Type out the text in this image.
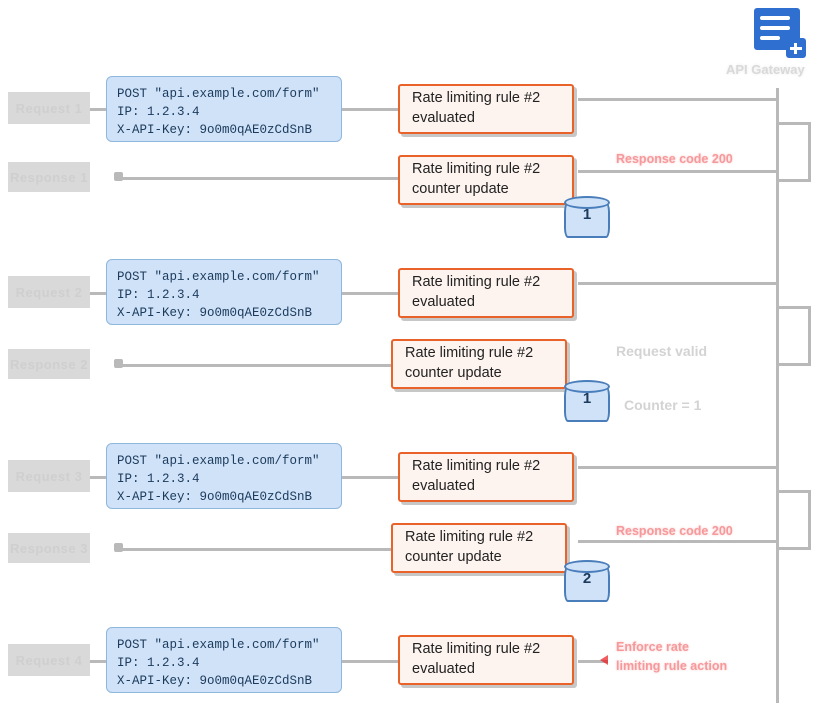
API Gateway
Request 1
POST "api.example.com/form"
IP: 1.2.3.4
X-API-Key: 9o0m0qAE0zCdSnB
Rate limiting rule #2
evaluated
Response 1	Rate limiting rule #2
counter update
Response code 200
1
Request 2
POST "api.example.com/form"
IP: 1.2.3.4
X-API-Key: 9o0m0qAE0zCdSnB
Rate limiting rule #2
evaluated
Response 2
Rate limiting rule #2
counter update
Request valid
Counter = 1
1
Request 3
POST "api.example.com/form"
IP: 1.2.3.4
X-API-Key: 9o0m0qAE0zCdSnB
Rate limiting rule #2
evaluated
Response 3
Rate limiting rule #2
counter update
Response code 200
2
Request 4
POST "api.example.com/form"
IP: 1.2.3.4
X-API-Key: 9o0m0qAE0zCdSnB
Rate limiting rule #2
evaluated
Enforce rate
limiting rule action
